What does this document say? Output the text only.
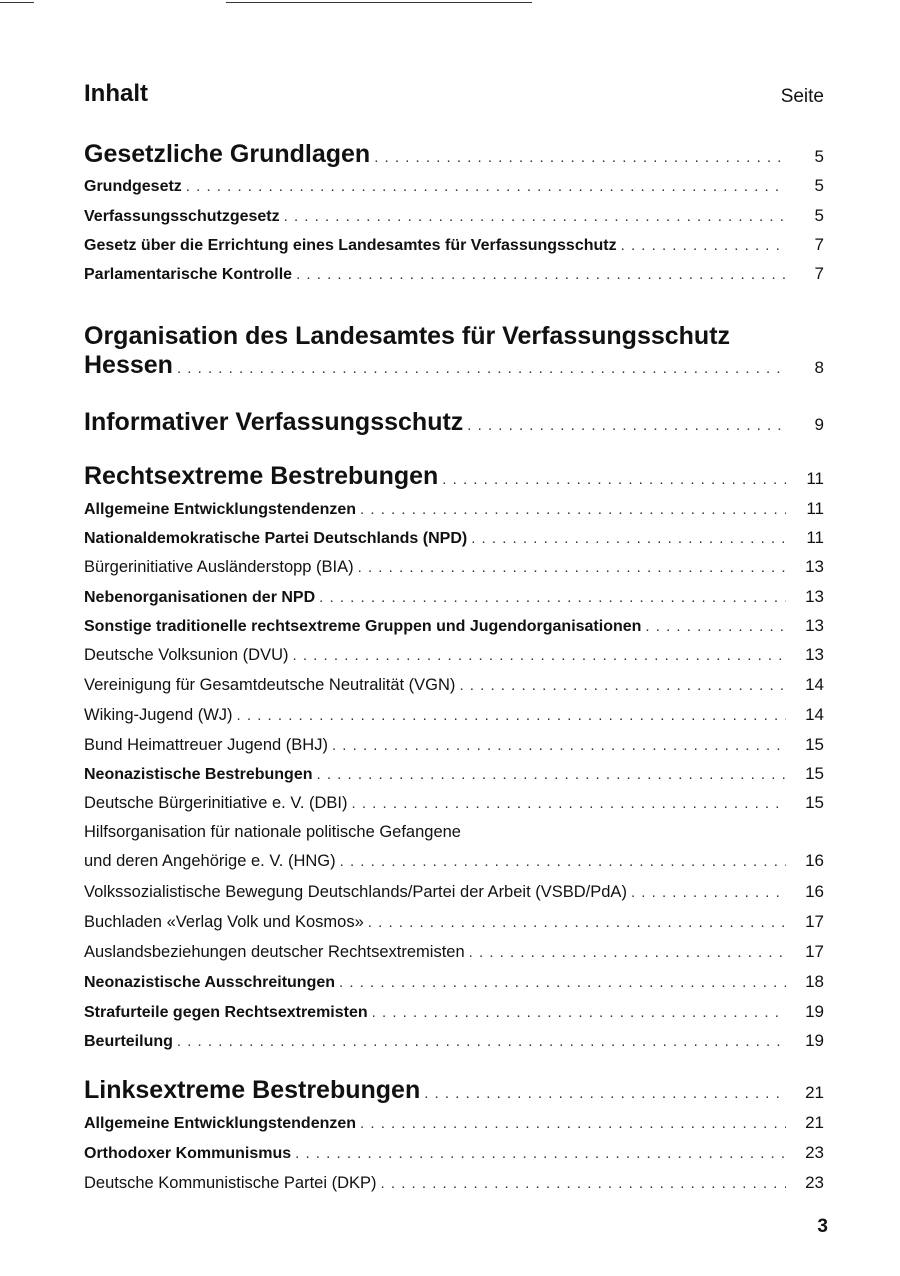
Inhalt	Seite
Gesetzliche Grundlagen . . .	5
Grundgesetz . . .	5
Verfassungsschutzgesetz . . .	5
Gesetz über die Errichtung eines Landesamtes für Verfassungsschutz . . .	7
Parlamentarische Kontrolle . . .	7
Organisation des Landesamtes für Verfassungsschutz
Hessen . . .	8
Informativer Verfassungsschutz . . .	9
Rechtsextreme Bestrebungen . . .	11
Allgemeine Entwicklungstendenzen . . .	11
Nationaldemokratische Partei Deutschlands (NPD) . . .	11
Bürgerinitiative Ausländerstopp (BIA) . . .	13
Nebenorganisationen der NPD . . .	13
Sonstige traditionelle rechtsextreme Gruppen und Jugendorganisationen . . .	13
Deutsche Volksunion (DVU) . . .	13
Vereinigung für Gesamtdeutsche Neutralität (VGN) . . .	14
Wiking-Jugend (WJ) . . .	14
Bund Heimattreuer Jugend (BHJ) . . .	15
Neonazistische Bestrebungen . . .	15
Deutsche Bürgerinitiative e. V. (DBI) . . .	15
Hilfsorganisation für nationale politische Gefangene
und deren Angehörige e. V. (HNG) . . .	16
Volkssozialistische Bewegung Deutschlands/Partei der Arbeit (VSBD/PdA) . . .	16
Buchladen «Verlag Volk und Kosmos» . . .	17
Auslandsbeziehungen deutscher Rechtsextremisten . . .	17
Neonazistische Ausschreitungen . . .	18
Strafurteile gegen Rechtsextremisten . . .	19
Beurteilung . . .	19
Linksextreme Bestrebungen . . .	21
Allgemeine Entwicklungstendenzen . . .	21
Orthodoxer Kommunismus . . .	23
Deutsche Kommunistische Partei (DKP) . . .	23
3
